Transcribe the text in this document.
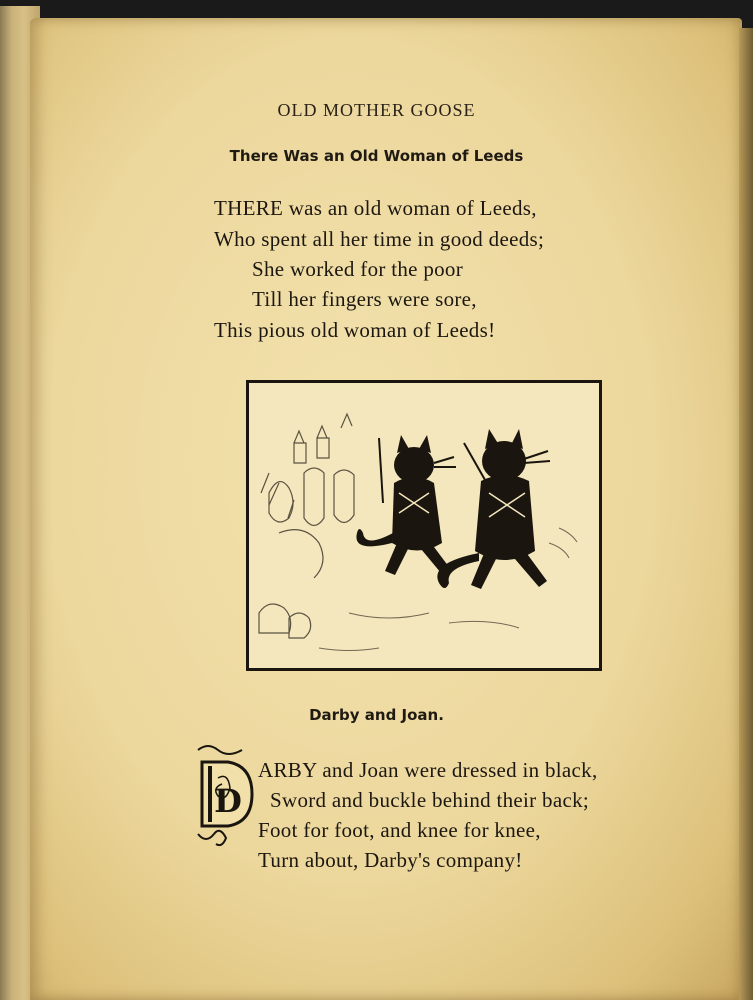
OLD MOTHER GOOSE
There Was an Old Woman of Leeds
THERE was an old woman of Leeds,
Who spent all her time in good deeds;
She worked for the poor
Till her fingers were sore,
This pious old woman of Leeds!
Darby and Joan.
D
ARBY and Joan were dressed in black,
Sword and buckle behind their back;
Foot for foot, and knee for knee,
Turn about, Darby's company!
